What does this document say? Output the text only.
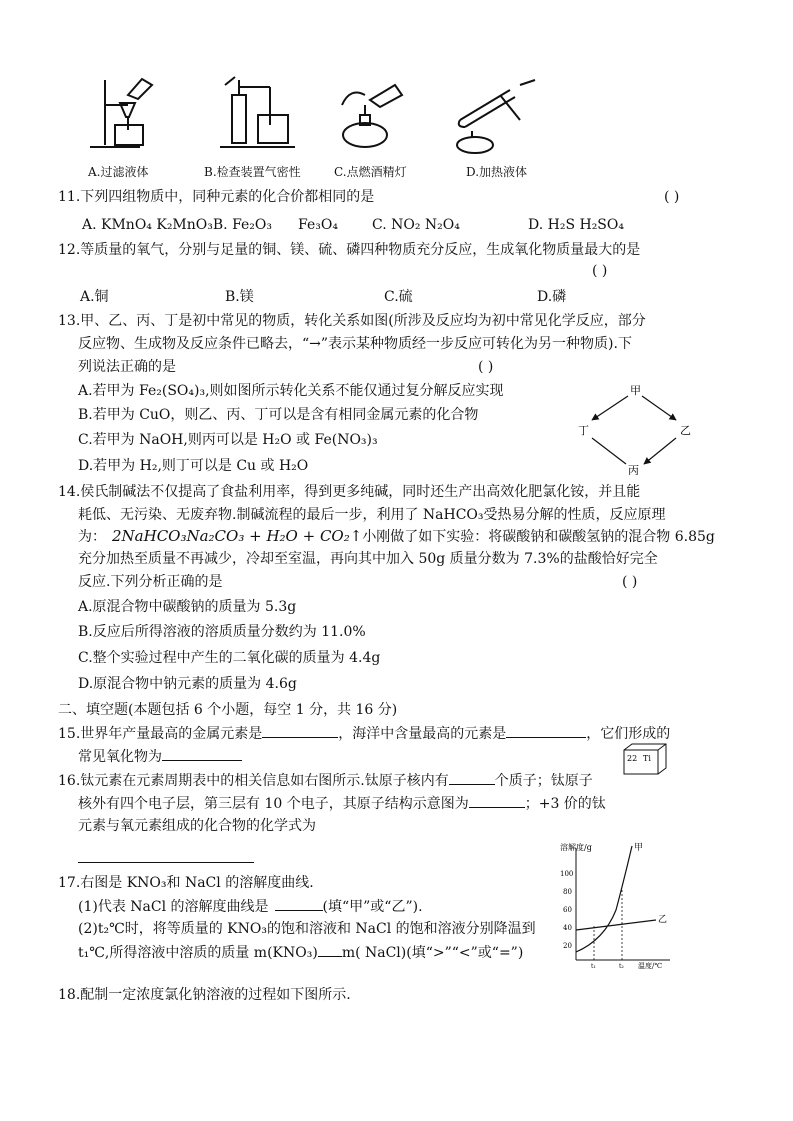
A.过滤液体	B.检查装置气密性	C.点燃酒精灯	D.加热液体
11.下列四组物质中，同种元素的化合价都相同的是	( )
A. KMnO₄ K₂MnO₃B. Fe₂O₃ Fe₃O₄ C. NO₂ N₂O₄	D. H₂S H₂SO₄
12.等质量的氧气，分别与足量的铜、镁、硫、磷四种物质充分反应，生成氧化物质量最大的是
( )
A.铜	B.镁	C.硫	D.磷
13.甲、乙、丙、丁是初中常见的物质，转化关系如图(所涉及反应均为初中常见化学反应，部分
反应物、生成物及反应条件已略去，“→”表示某种物质经一步反应可转化为另一种物质).下
列说法正确的是	( )
A.若甲为 Fe₂(SO₄)₃,则如图所示转化关系不能仅通过复分解反应实现
B.若甲为 CuO，则乙、丙、丁可以是含有相同金属元素的化合物
C.若甲为 NaOH,则丙可以是 H₂O 或 Fe(NO₃)₃
D.若甲为 H₂,则丁可以是 Cu 或 H₂O
甲
乙
丙
丁
14.侯氏制碱法不仅提高了食盐利用率，得到更多纯碱，同时还生产出高效化肥氯化铵，并且能
耗低、无污染、无废弃物.制碱流程的最后一步，利用了 NaHCO₃受热易分解的性质，反应原理
为： 2NaHCO₃Na₂CO₃ + H₂O + CO₂↑小刚做了如下实验：将碳酸钠和碳酸氢钠的混合物 6.85g
充分加热至质量不再减少，冷却至室温，再向其中加入 50g 质量分数为 7.3%的盐酸恰好完全
反应.下列分析正确的是	( )
A.原混合物中碳酸钠的质量为 5.3g
B.反应后所得溶液的溶质质量分数约为 11.0%
C.整个实验过程中产生的二氧化碳的质量为 4.4g
D.原混合物中钠元素的质量为 4.6g
二、填空题(本题包括 6 个小题，每空 1 分，共 16 分)
15.世界年产量最高的金属元素是	，海洋中含量最高的元素是	，它们形成的
常见氧化物为	22 Ti
16.钛元素在元素周期表中的相关信息如右图所示.钛原子核内有	个质子；钛原子
核外有四个电子层，第三层有 10 个电子，其原子结构示意图为	；+3 价的钛
元素与氧元素组成的化合物的化学式为
溶解度/g
100
80
60
40
20
甲
乙
t₁	t₂ 温度/℃
17.右图是 KNO₃和 NaCl 的溶解度曲线.
(1)代表 NaCl 的溶解度曲线是	(填“甲”或“乙”).
(2)t₂℃时，将等质量的 KNO₃的饱和溶液和 NaCl 的饱和溶液分别降温到
t₁℃,所得溶液中溶质的质量 m(KNO₃) m( NaCl)(填“>”“<”或“=”)
18.配制一定浓度氯化钠溶液的过程如下图所示.
